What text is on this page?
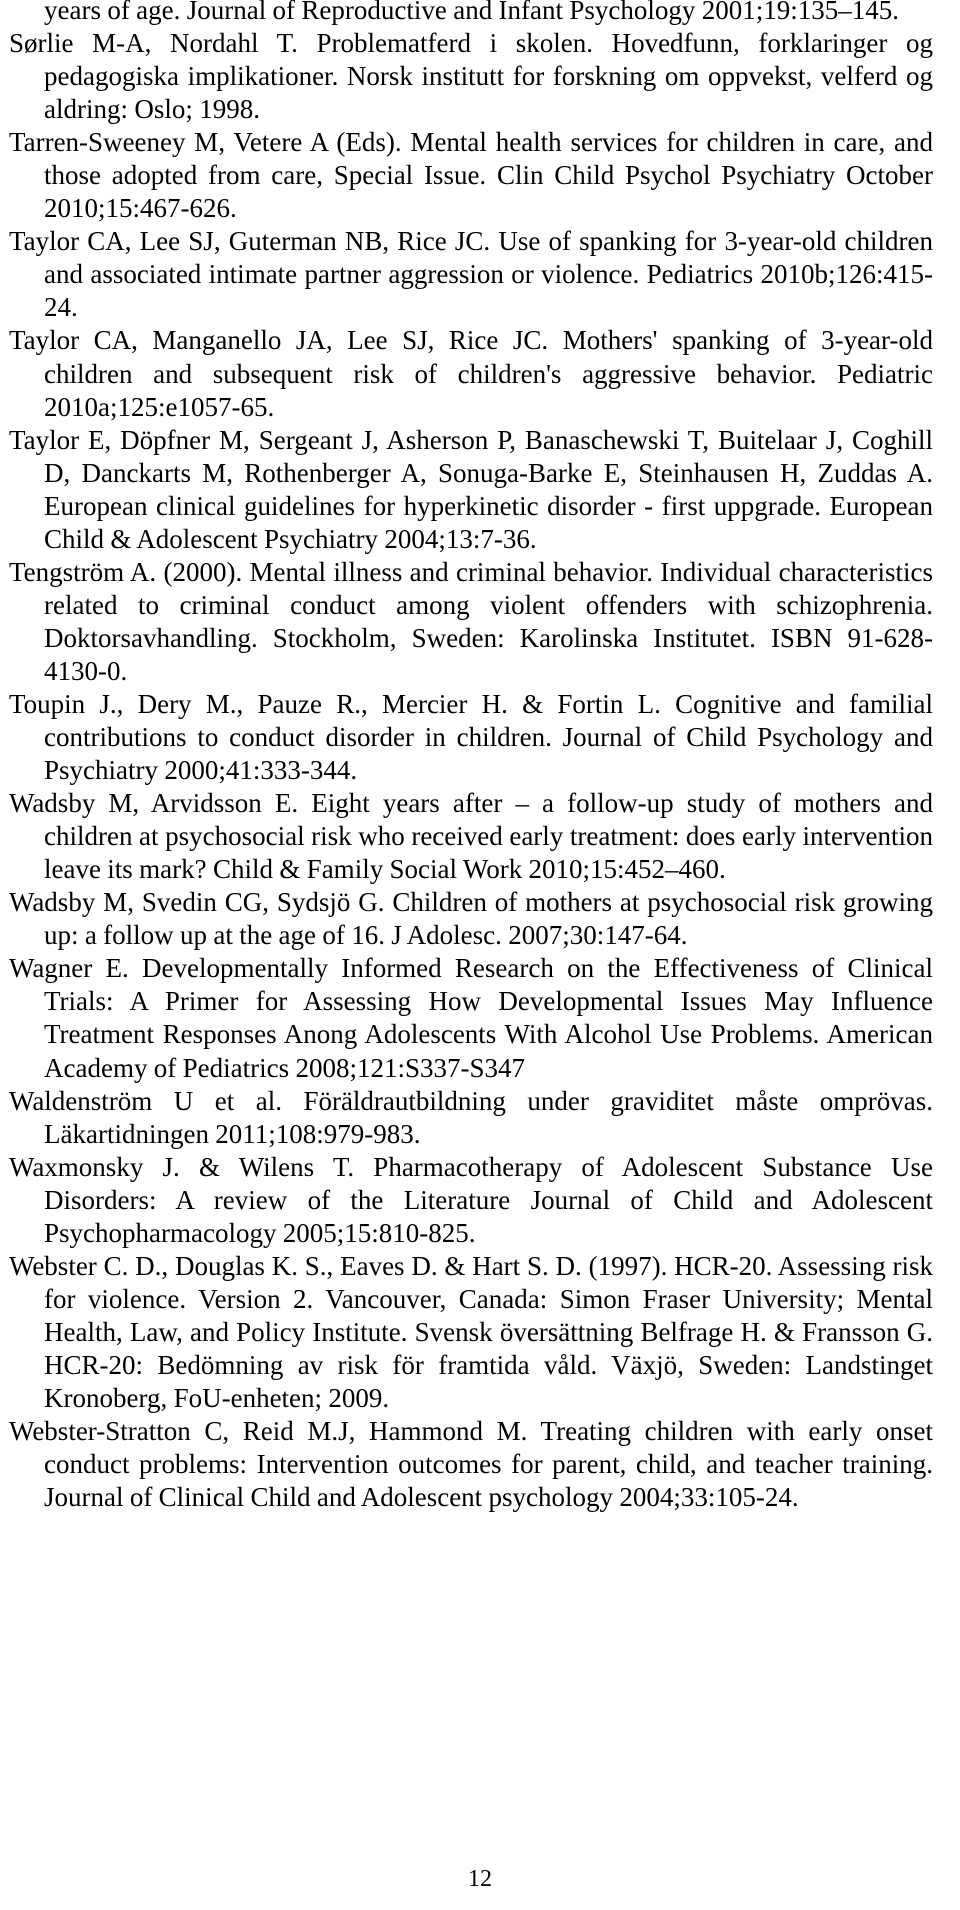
years of age. Journal of Reproductive and Infant Psychology 2001;19:135–145.
Sørlie M-A, Nordahl T. Problematferd i skolen. Hovedfunn, forklaringer og pedagogiska implikationer. Norsk institutt for forskning om oppvekst, velferd og aldring: Oslo; 1998.
Tarren-Sweeney M, Vetere A (Eds). Mental health services for children in care, and those adopted from care, Special Issue. Clin Child Psychol Psychiatry October 2010;15:467-626.
Taylor CA, Lee SJ, Guterman NB, Rice JC. Use of spanking for 3-year-old children and associated intimate partner aggression or violence. Pediatrics 2010b;126:415-24.
Taylor CA, Manganello JA, Lee SJ, Rice JC. Mothers' spanking of 3-year-old children and subsequent risk of children's aggressive behavior. Pediatric 2010a;125:e1057-65.
Taylor E, Döpfner M, Sergeant J, Asherson P, Banaschewski T, Buitelaar J, Coghill D, Danckarts M, Rothenberger A, Sonuga-Barke E, Steinhausen H, Zuddas A. European clinical guidelines for hyperkinetic disorder - first uppgrade. European Child & Adolescent Psychiatry 2004;13:7-36.
Tengström A. (2000). Mental illness and criminal behavior. Individual characteristics related to criminal conduct among violent offenders with schizophrenia. Doktorsavhandling. Stockholm, Sweden: Karolinska Institutet. ISBN 91-628-4130-0.
Toupin J., Dery M., Pauze R., Mercier H. & Fortin L. Cognitive and familial contributions to conduct disorder in children. Journal of Child Psychology and Psychiatry 2000;41:333-344.
Wadsby M, Arvidsson E. Eight years after – a follow-up study of mothers and children at psychosocial risk who received early treatment: does early intervention leave its mark? Child & Family Social Work 2010;15:452–460.
Wadsby M, Svedin CG, Sydsjö G. Children of mothers at psychosocial risk growing up: a follow up at the age of 16. J Adolesc. 2007;30:147-64.
Wagner E. Developmentally Informed Research on the Effectiveness of Clinical Trials: A Primer for Assessing How Developmental Issues May Influence Treatment Responses Anong Adolescents With Alcohol Use Problems. American Academy of Pediatrics 2008;121:S337-S347
Waldenström U et al. Föräldrautbildning under graviditet måste omprövas. Läkartidningen 2011;108:979-983.
Waxmonsky J. & Wilens T. Pharmacotherapy of Adolescent Substance Use Disorders: A review of the Literature Journal of Child and Adolescent Psychopharmacology 2005;15:810-825.
Webster C. D., Douglas K. S., Eaves D. & Hart S. D. (1997). HCR-20. Assessing risk for violence. Version 2. Vancouver, Canada: Simon Fraser University; Mental Health, Law, and Policy Institute. Svensk översättning Belfrage H. & Fransson G. HCR-20: Bedömning av risk för framtida våld. Växjö, Sweden: Landstinget Kronoberg, FoU-enheten; 2009.
Webster-Stratton C, Reid M.J, Hammond M. Treating children with early onset conduct problems: Intervention outcomes for parent, child, and teacher training. Journal of Clinical Child and Adolescent psychology 2004;33:105-24.
12
